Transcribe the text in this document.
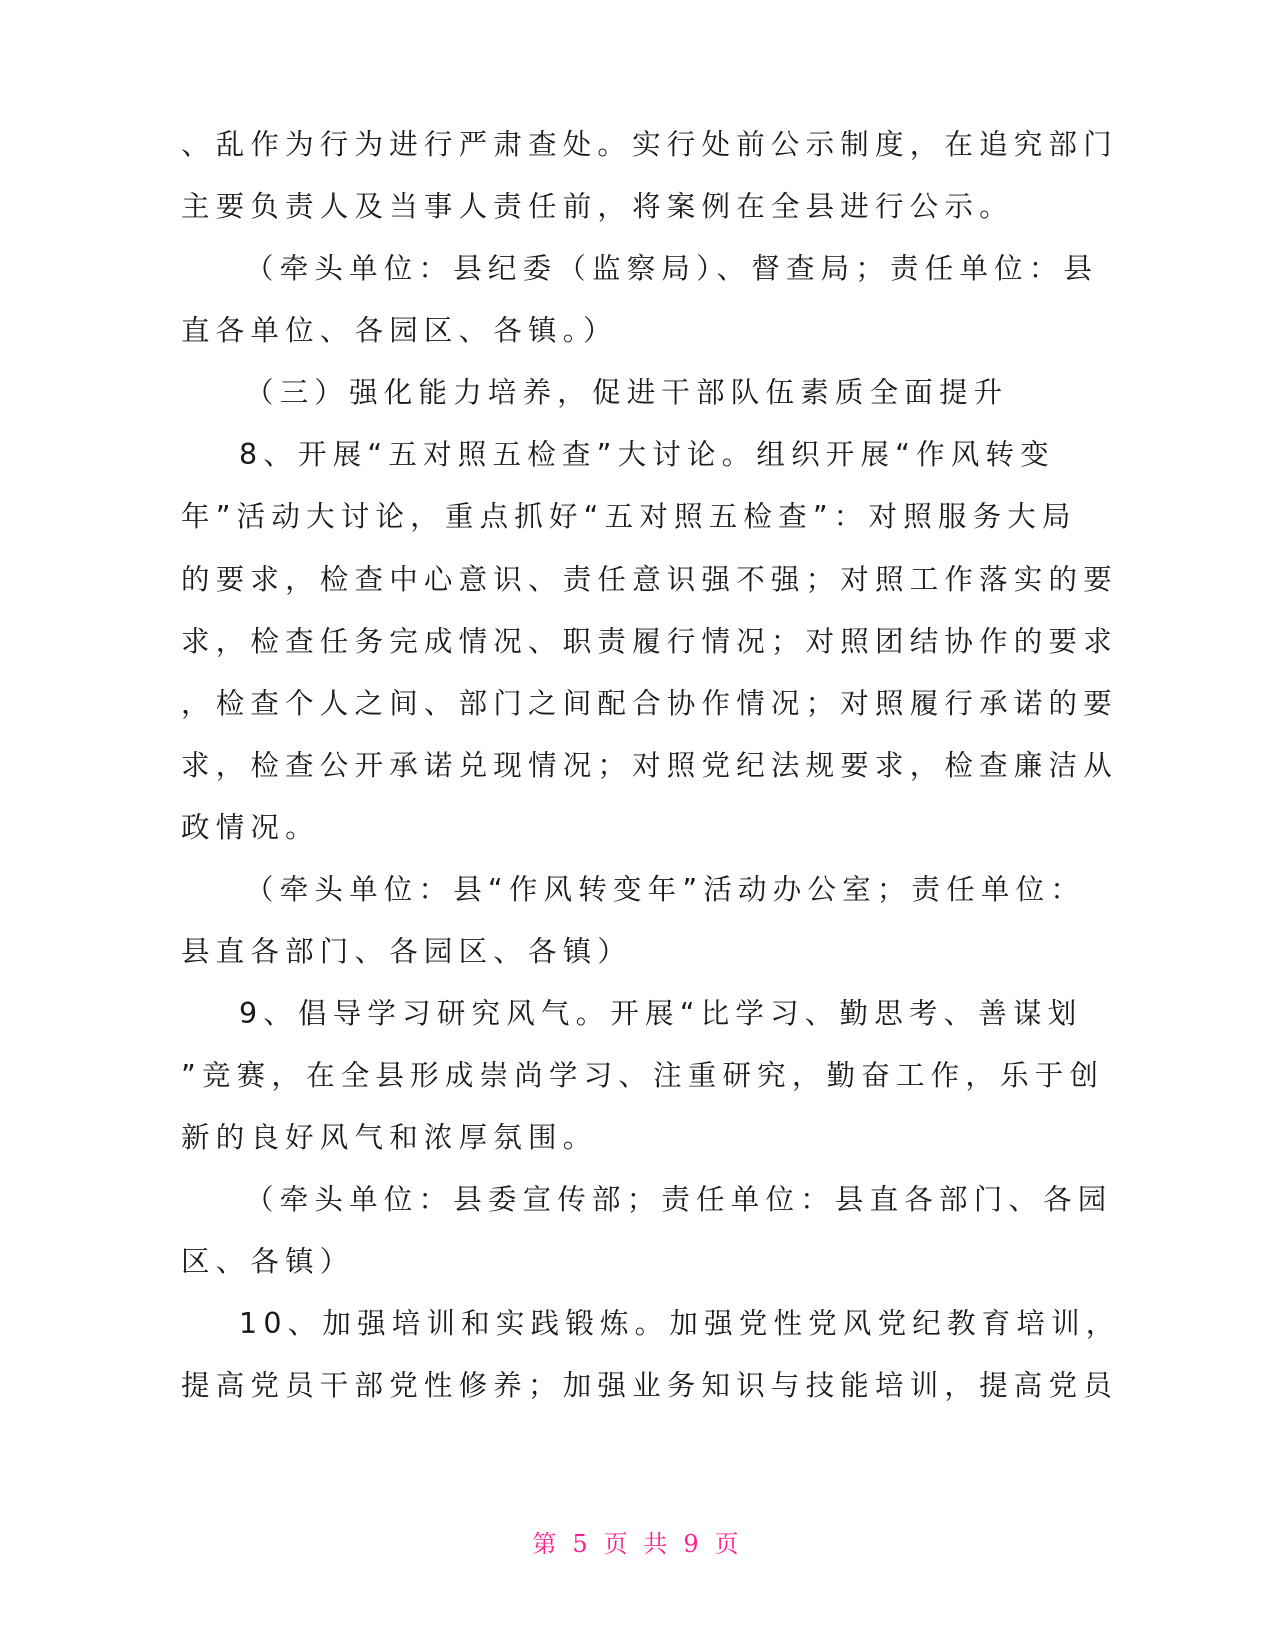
、乱作为行为进行严肃查处。实行处前公示制度，在追究部门
主要负责人及当事人责任前，将案例在全县进行公示。
（牵头单位：县纪委（监察局）、督查局；责任单位：县
直各单位、各园区、各镇。）
（三）强化能力培养，促进干部队伍素质全面提升
8、开展“五对照五检查”大讨论。组织开展“作风转变
年”活动大讨论，重点抓好“五对照五检查”：对照服务大局
的要求，检查中心意识、责任意识强不强；对照工作落实的要
求，检查任务完成情况、职责履行情况；对照团结协作的要求
，检查个人之间、部门之间配合协作情况；对照履行承诺的要
求，检查公开承诺兑现情况；对照党纪法规要求，检查廉洁从
政情况。
（牵头单位：县“作风转变年”活动办公室；责任单位：
县直各部门、各园区、各镇）
9、倡导学习研究风气。开展“比学习、勤思考、善谋划
”竞赛，在全县形成崇尚学习、注重研究，勤奋工作，乐于创
新的良好风气和浓厚氛围。
（牵头单位：县委宣传部；责任单位：县直各部门、各园
区、各镇）
10、加强培训和实践锻炼。加强党性党风党纪教育培训，
提高党员干部党性修养；加强业务知识与技能培训，提高党员
第 5 页 共 9 页
